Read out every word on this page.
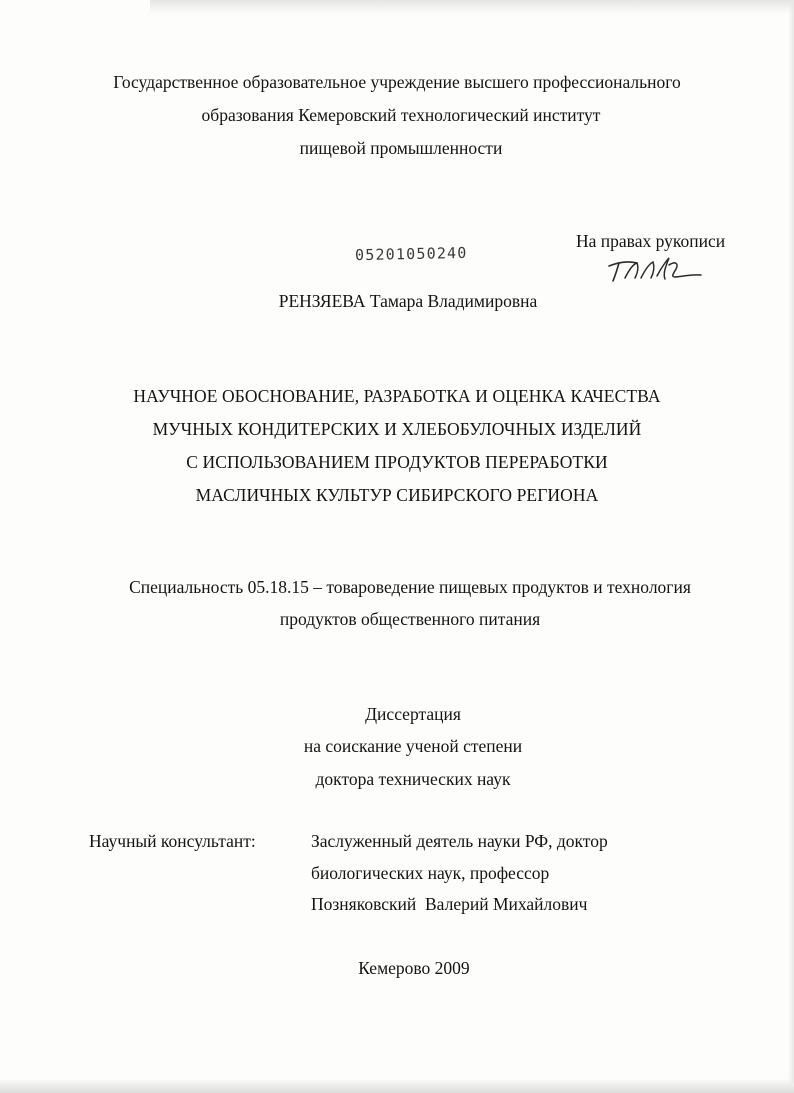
Государственное образовательное учреждение высшего профессионального
образования Кемеровский технологический институт
пищевой промышленности
На правах рукописи
05201050240
РЕНЗЯЕВА Тамара Владимировна
НАУЧНОЕ ОБОСНОВАНИЕ, РАЗРАБОТКА И ОЦЕНКА КАЧЕСТВА
МУЧНЫХ КОНДИТЕРСКИХ И ХЛЕБОБУЛОЧНЫХ ИЗДЕЛИЙ
С ИСПОЛЬЗОВАНИЕМ ПРОДУКТОВ ПЕРЕРАБОТКИ
МАСЛИЧНЫХ КУЛЬТУР СИБИРСКОГО РЕГИОНА
Специальность 05.18.15 – товароведение пищевых продуктов и технология
продуктов общественного питания
Диссертация
на соискание ученой степени
доктора технических наук
Научный консультант:	Заслуженный деятель науки РФ, доктор
биологических наук, профессор
Позняковский  Валерий Михайлович
Кемерово 2009
